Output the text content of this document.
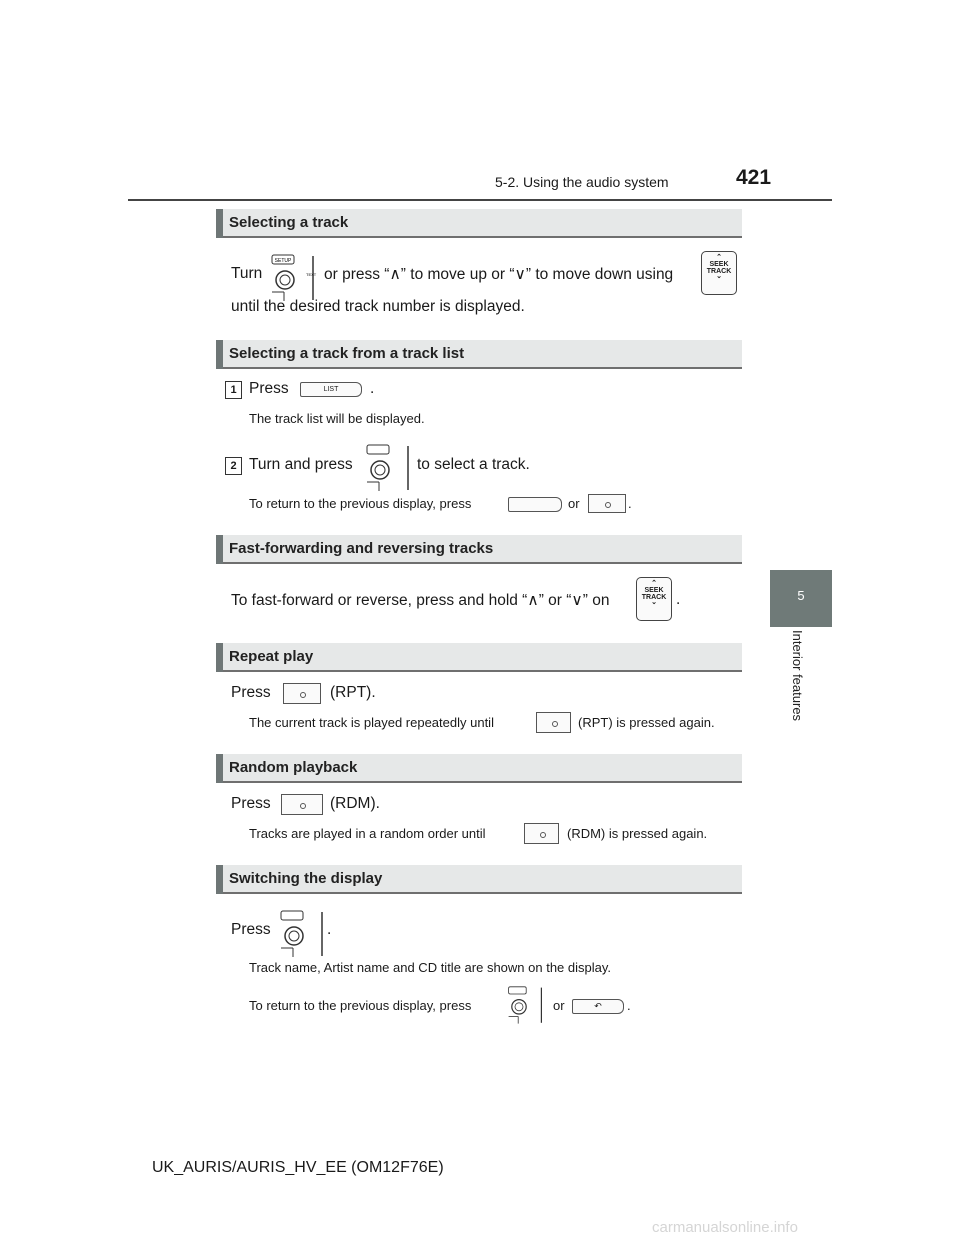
5-2. Using the audio system	421
5
Interior features
Selecting a track
Turn
SETUP
TEXT or press “∧” to move up or “∨” to move down using
⌃
SEEK
TRACK
⌄
until the desired track number is displayed.
Selecting a track from a track list
1 Press	LIST	.
The track list will be displayed.
2 Turn and press	to select a track.
To return to the previous display, press	or	.
Fast-forwarding and reversing tracks
To fast-forward or reverse, press and hold “∧” or “∨” on
⌃
SEEK
TRACK
⌄	.
Repeat play
Press	(RPT).
The current track is played repeatedly until	(RPT) is pressed again.
Random playback
Press	(RDM).
Tracks are played in a random order until	(RDM) is pressed again.
Switching the display
Press	.
Track name, Artist name and CD title are shown on the display.
To return to the previous display, press	or	↶	.
UK_AURIS/AURIS_HV_EE (OM12F76E)
carmanualsonline.info
